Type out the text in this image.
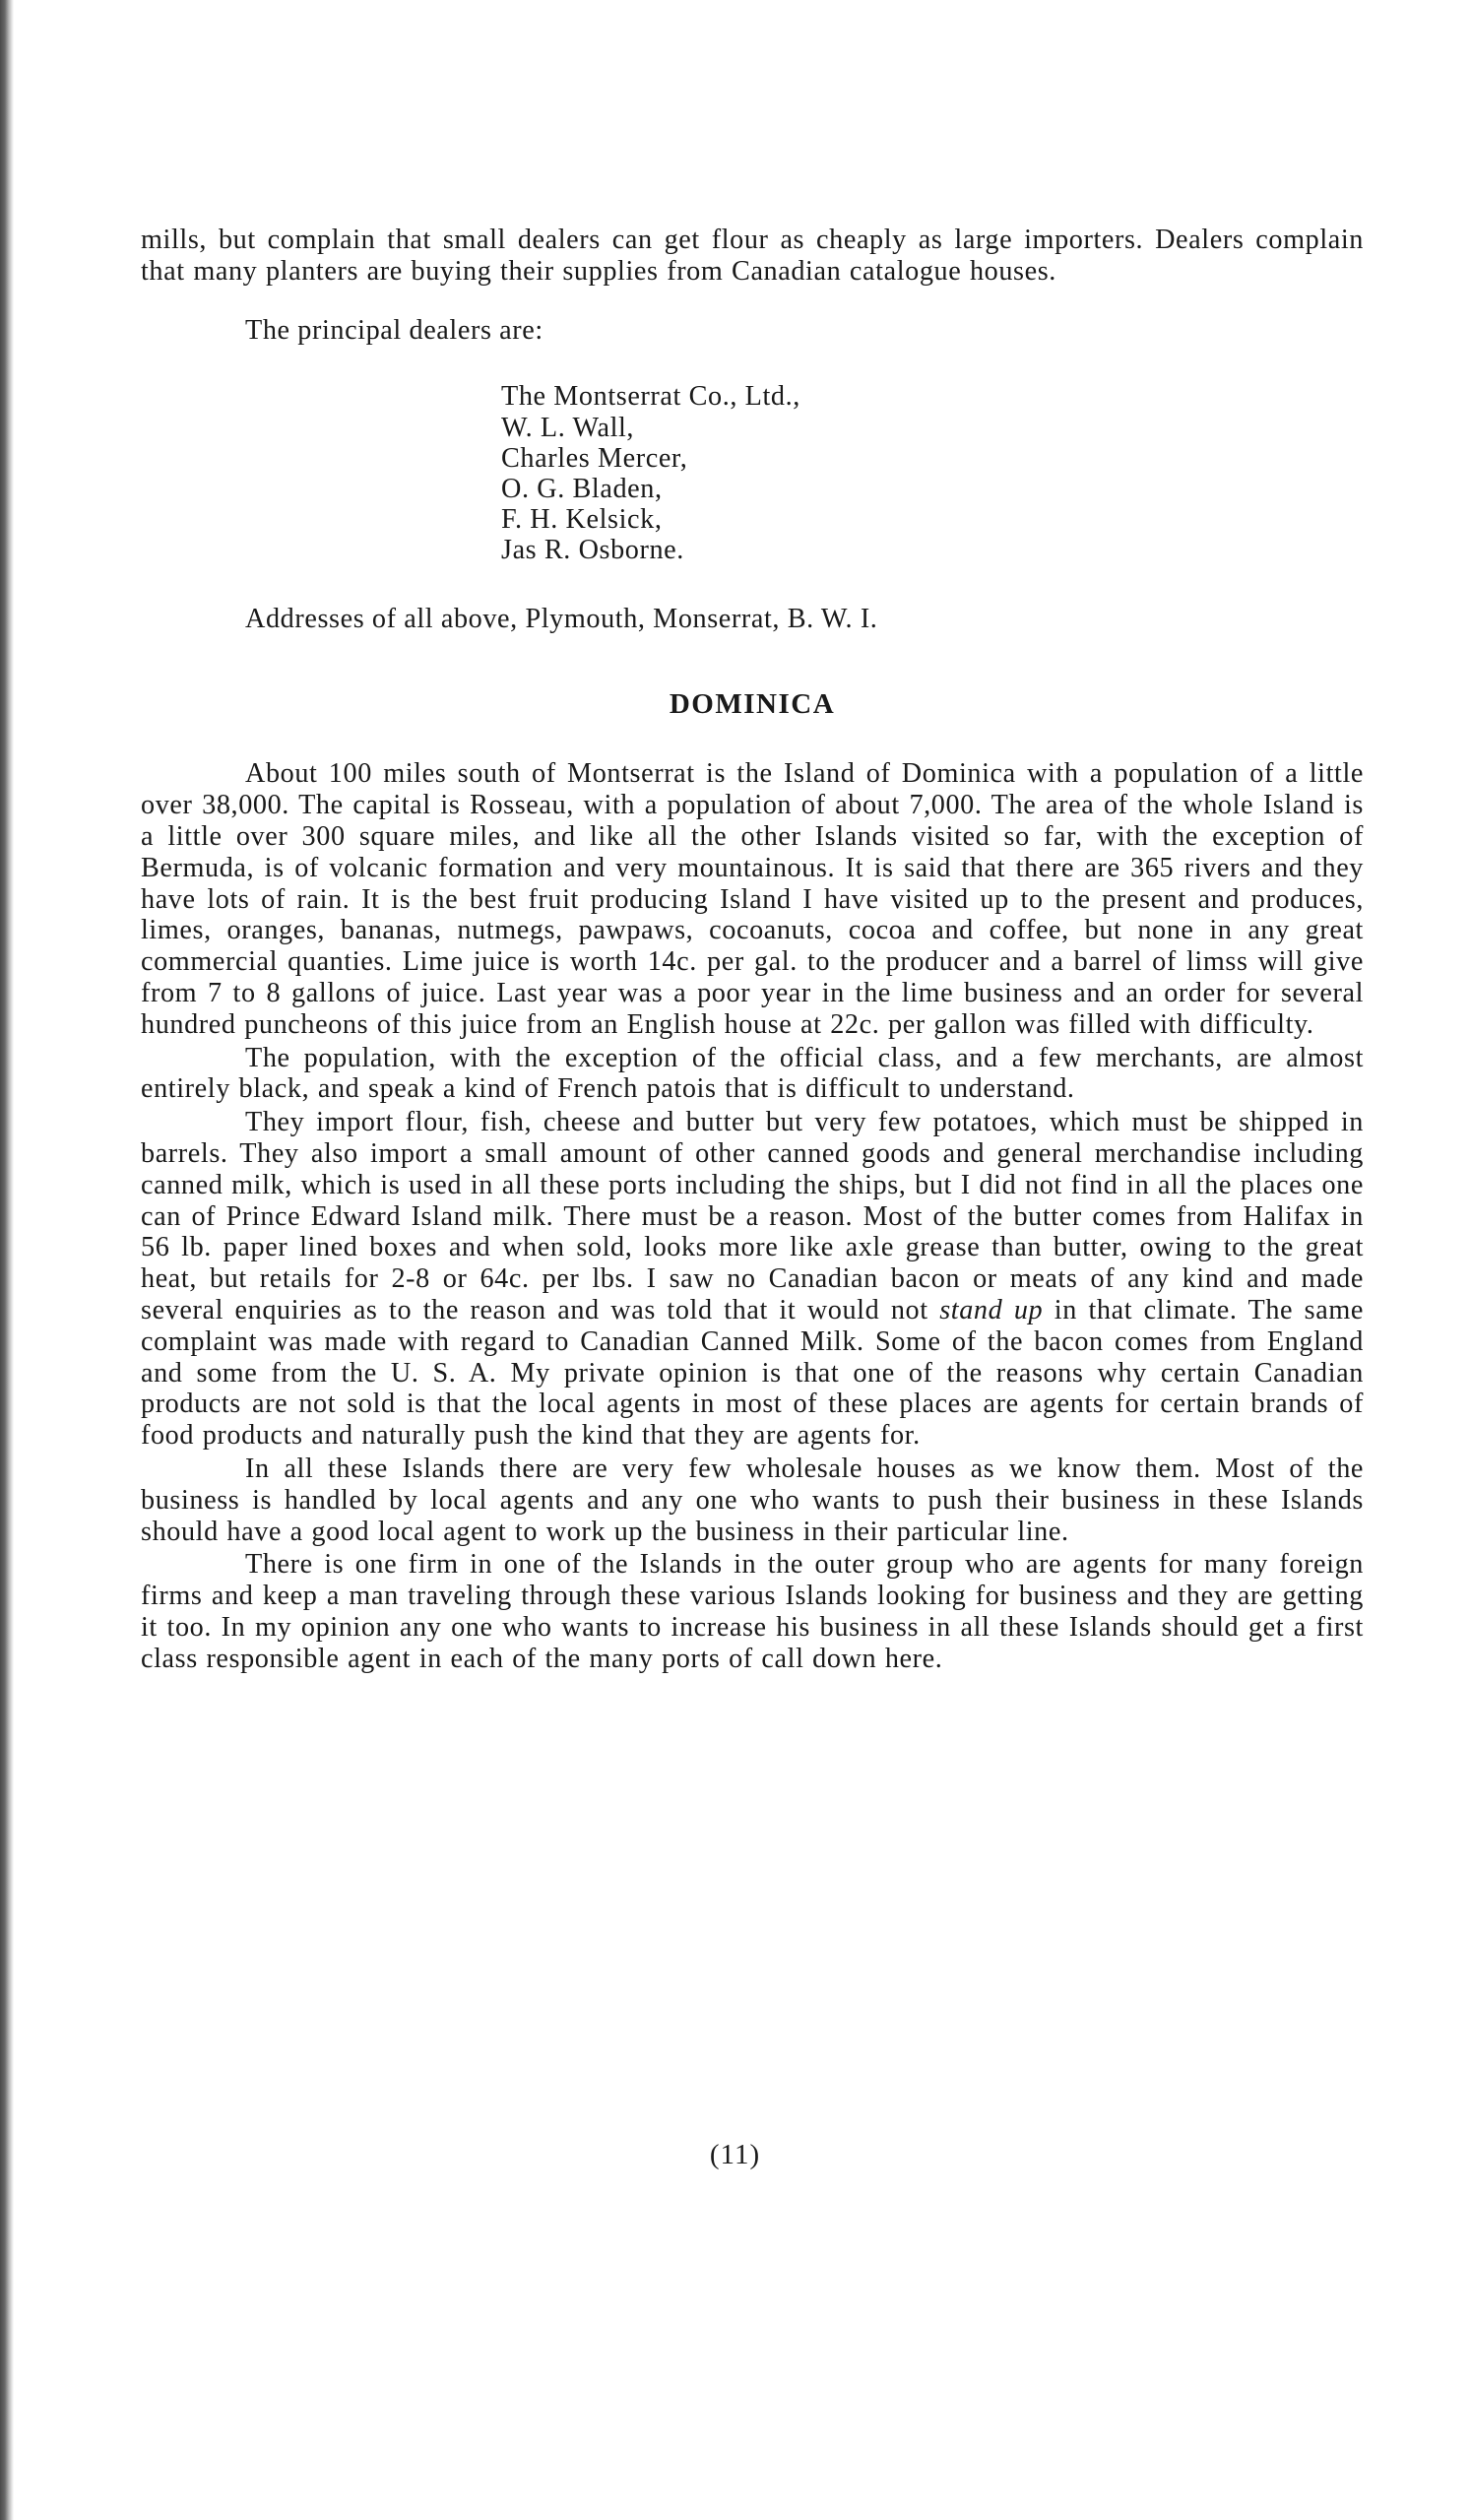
mills, but complain that small dealers can get flour as cheaply as large importers. Dealers complain that many planters are buying their supplies from Canadian catalogue houses.

The principal dealers are:

The Montserrat Co., Ltd.,
W. L. Wall,
Charles Mercer,
O. G. Bladen,
F. H. Kelsick,
Jas R. Osborne.

Addresses of all above, Plymouth, Monserrat, B. W. I.

DOMINICA

About 100 miles south of Montserrat is the Island of Dominica with a population of a little over 38,000. The capital is Rosseau, with a population of about 7,000. The area of the whole Island is a little over 300 square miles, and like all the other Islands visited so far, with the exception of Bermuda, is of volcanic formation and very mountainous. It is said that there are 365 rivers and they have lots of rain. It is the best fruit producing Island I have visited up to the present and produces, limes, oranges, bananas, nutmegs, pawpaws, cocoanuts, cocoa and coffee, but none in any great commercial quanties. Lime juice is worth 14c. per gal. to the producer and a barrel of limss will give from 7 to 8 gallons of juice. Last year was a poor year in the lime business and an order for several hundred puncheons of this juice from an English house at 22c. per gallon was filled with difficulty.

The population, with the exception of the official class, and a few merchants, are almost entirely black, and speak a kind of French patois that is difficult to understand.

They import flour, fish, cheese and butter but very few potatoes, which must be shipped in barrels. They also import a small amount of other canned goods and general merchandise including canned milk, which is used in all these ports including the ships, but I did not find in all the places one can of Prince Edward Island milk. There must be a reason. Most of the butter comes from Halifax in 56 lb. paper lined boxes and when sold, looks more like axle grease than butter, owing to the great heat, but retails for 2-8 or 64c. per lbs. I saw no Canadian bacon or meats of any kind and made several enquiries as to the reason and was told that it would not stand up in that climate. The same complaint was made with regard to Canadian Canned Milk. Some of the bacon comes from England and some from the U. S. A. My private opinion is that one of the reasons why certain Canadian products are not sold is that the local agents in most of these places are agents for certain brands of food products and naturally push the kind that they are agents for.

In all these Islands there are very few wholesale houses as we know them. Most of the business is handled by local agents and any one who wants to push their business in these Islands should have a good local agent to work up the business in their particular line.

There is one firm in one of the Islands in the outer group who are agents for many foreign firms and keep a man traveling through these various Islands looking for business and they are getting it too. In my opinion any one who wants to increase his business in all these Islands should get a first class responsible agent in each of the many ports of call down here.

(11)
